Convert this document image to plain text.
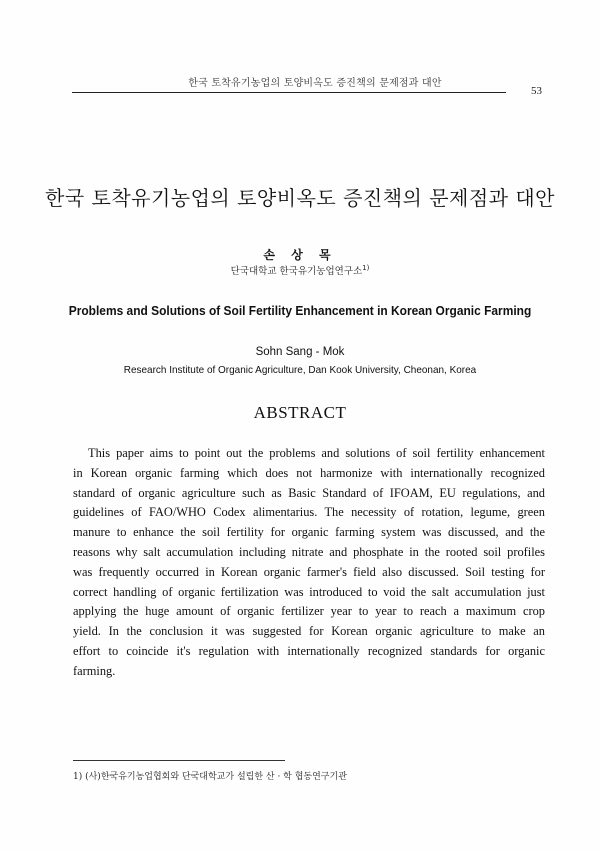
한국 토착유기농업의 토양비옥도 증진책의 문제점과 대안
53
한국 토착유기농업의 토양비옥도 증진책의 문제점과 대안
손 상 목
단국대학교 한국유기농업연구소$^{1)}$
Problems and Solutions of Soil Fertility Enhancement in Korean Organic Farming
Sohn Sang - Mok
Research Institute of Organic Agriculture, Dan Kook University, Cheonan, Korea
ABSTRACT
This paper aims to point out the problems and solutions of soil fertility enhancement
in Korean organic farming which does not harmonize with internationally recognized
standard of organic agriculture such as Basic Standard of IFOAM, EU regulations, and
guidelines of FAO/WHO Codex alimentarius. The necessity of rotation, legume, green
manure to enhance the soil fertility for organic farming system was discussed, and the
reasons why salt accumulation including nitrate and phosphate in the rooted soil profiles
was frequently occurred in Korean organic farmer's field also discussed. Soil testing for
correct handling of organic fertilization was introduced to void the salt accumulation just
applying the huge amount of organic fertilizer year to year to reach a maximum crop
yield. In the conclusion it was suggested for Korean organic agriculture to make an
effort to coincide it's regulation with internationally recognized standards for organic
farming.
1) (사)한국유기농업협회와 단국대학교가 설립한 산 · 학 협동연구기관
